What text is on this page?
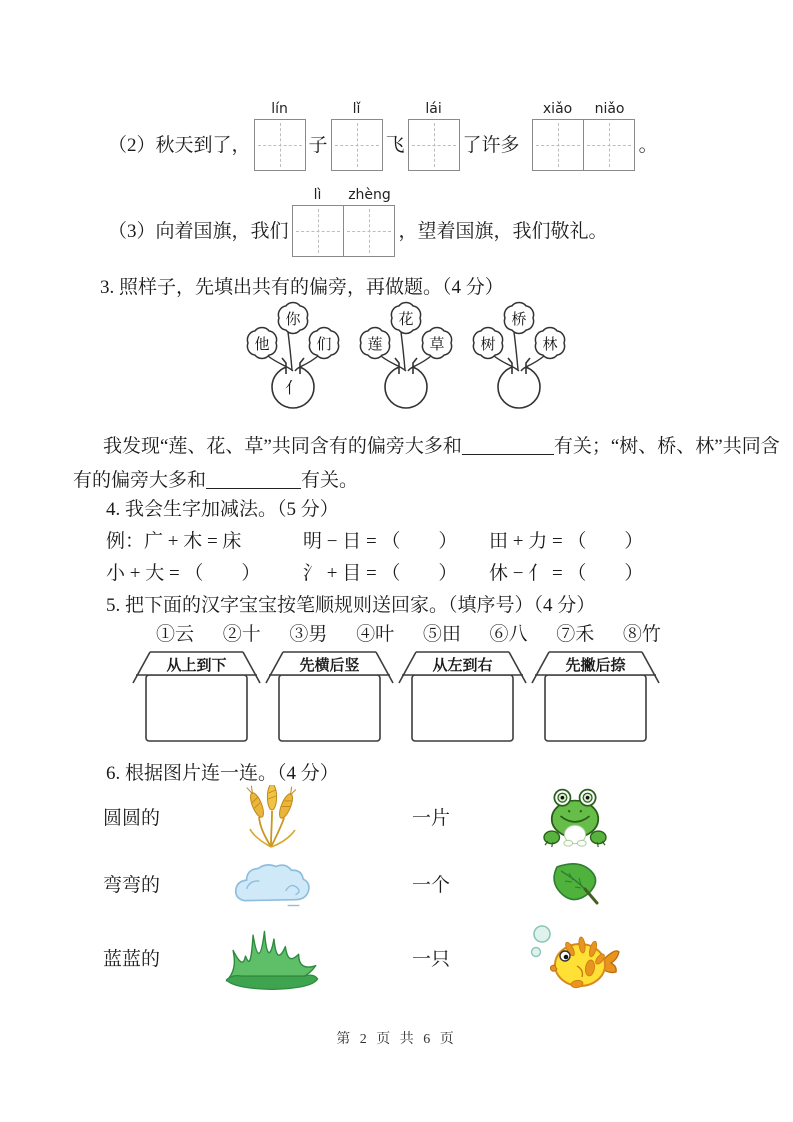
（2）秋天到了，
lín
子
lǐ
飞
lái
了许多
xiǎo	niǎo
。
（3）向着国旗，我们
lì	zhèng
，望着国旗，我们敬礼。
3. 照样子，先填出共有的偏旁，再做题。（4 分）
你
他	们
亻
花
莲	草
桥
树	林
我发现“莲、花、草”共同含有的偏旁大多和	有关；“树、桥、林”共同含
有的偏旁大多和	有关。
4. 我会生字加减法。（5 分）
例：广 + 木 = 床	明 − 日 = （　　）	田 + 力 = （　　）
小 + 大 = （　　）	氵 + 目 = （　　）	休 − 亻 = （　　）
5. 把下面的汉字宝宝按笔顺规则送回家。（填序号）（4 分）
①云 ②十 ③男 ④叶 ⑤田 ⑥八 ⑦禾 ⑧竹
从上到下	先横后竖	从左到右	先撇后捺
6. 根据图片连一连。（4 分）
圆圆的	一片
弯弯的	一个
蓝蓝的	一只
第 2 页 共 6 页
